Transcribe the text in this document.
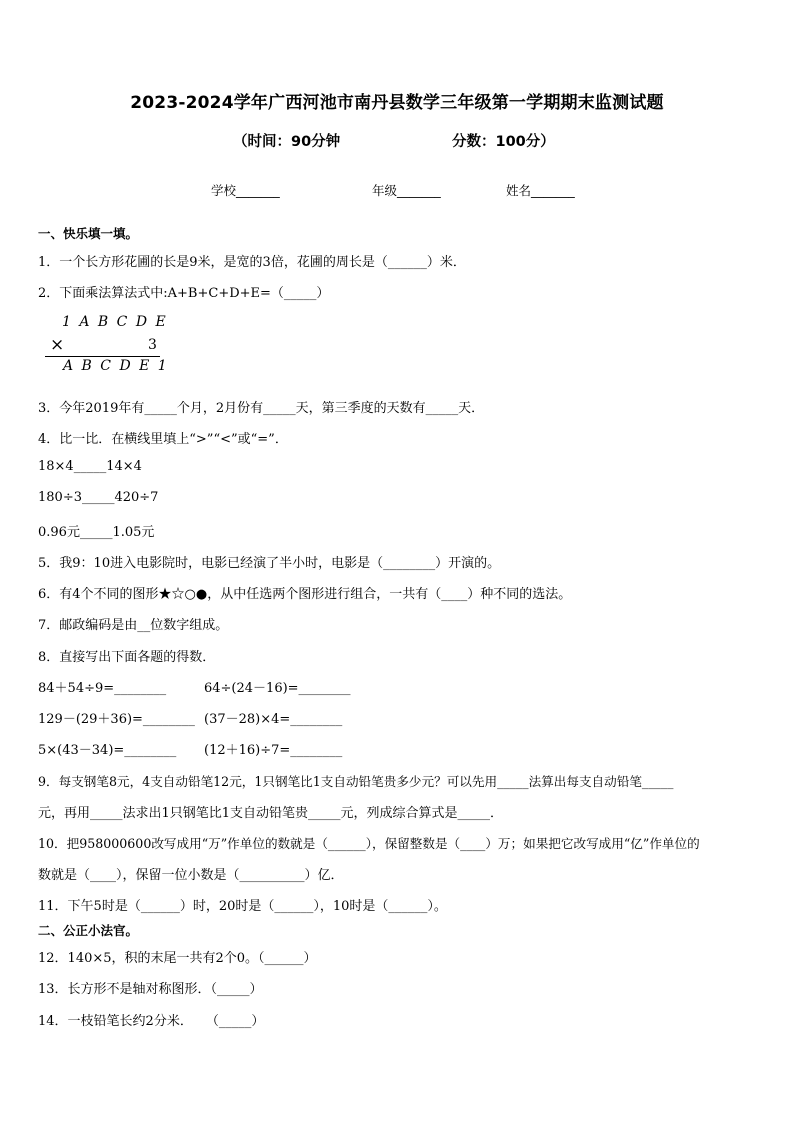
2023-2024学年广西河池市南丹县数学三年级第一学期期末监测试题
（时间：90分钟	分数：100分）
学校_______	年级_______	姓名_______
一、快乐填一填。
1．一个长方形花圃的长是9米，是宽的3倍，花圃的周长是（______）米．
2．下面乘法算法式中:A+B+C+D+E=（_____）
1 A B C D E
×	3
A B C D E 1
3．今年2019年有_____个月，2月份有_____天，第三季度的天数有_____天．
4．比一比．在横线里填上“>”“<”或“=”．
18×4_____14×4
180÷3_____420÷7
0.96元_____1.05元
5．我9：10进入电影院时，电影已经演了半小时，电影是（________）开演的。
6．有4个不同的图形★☆○●，从中任选两个图形进行组合，一共有（____）种不同的选法。
7．邮政编码是由__位数字组成。
8．直接写出下面各题的得数．
84＋54÷9=________	64÷(24－16)=________
129－(29＋36)=________ (37－28)×4=________
5×(43－34)=________ (12＋16)÷7=________
9．每支钢笔8元，4支自动铅笔12元，1只钢笔比1支自动铅笔贵多少元？可以先用_____法算出每支自动铅笔_____
元，再用_____法求出1只钢笔比1支自动铅笔贵_____元，列成综合算式是_____．
10．把958000600改写成用“万”作单位的数就是（______），保留整数是（____）万；如果把它改写成用“亿”作单位的
数就是（____），保留一位小数是（__________）亿．
11．下午5时是（______）时，20时是（______），10时是（______）。
二、公正小法官。
12．140×5，积的末尾一共有2个0。（______）
13．长方形不是轴对称图形．（_____）
14．一枝铅笔长约2分米．　　（_____）
